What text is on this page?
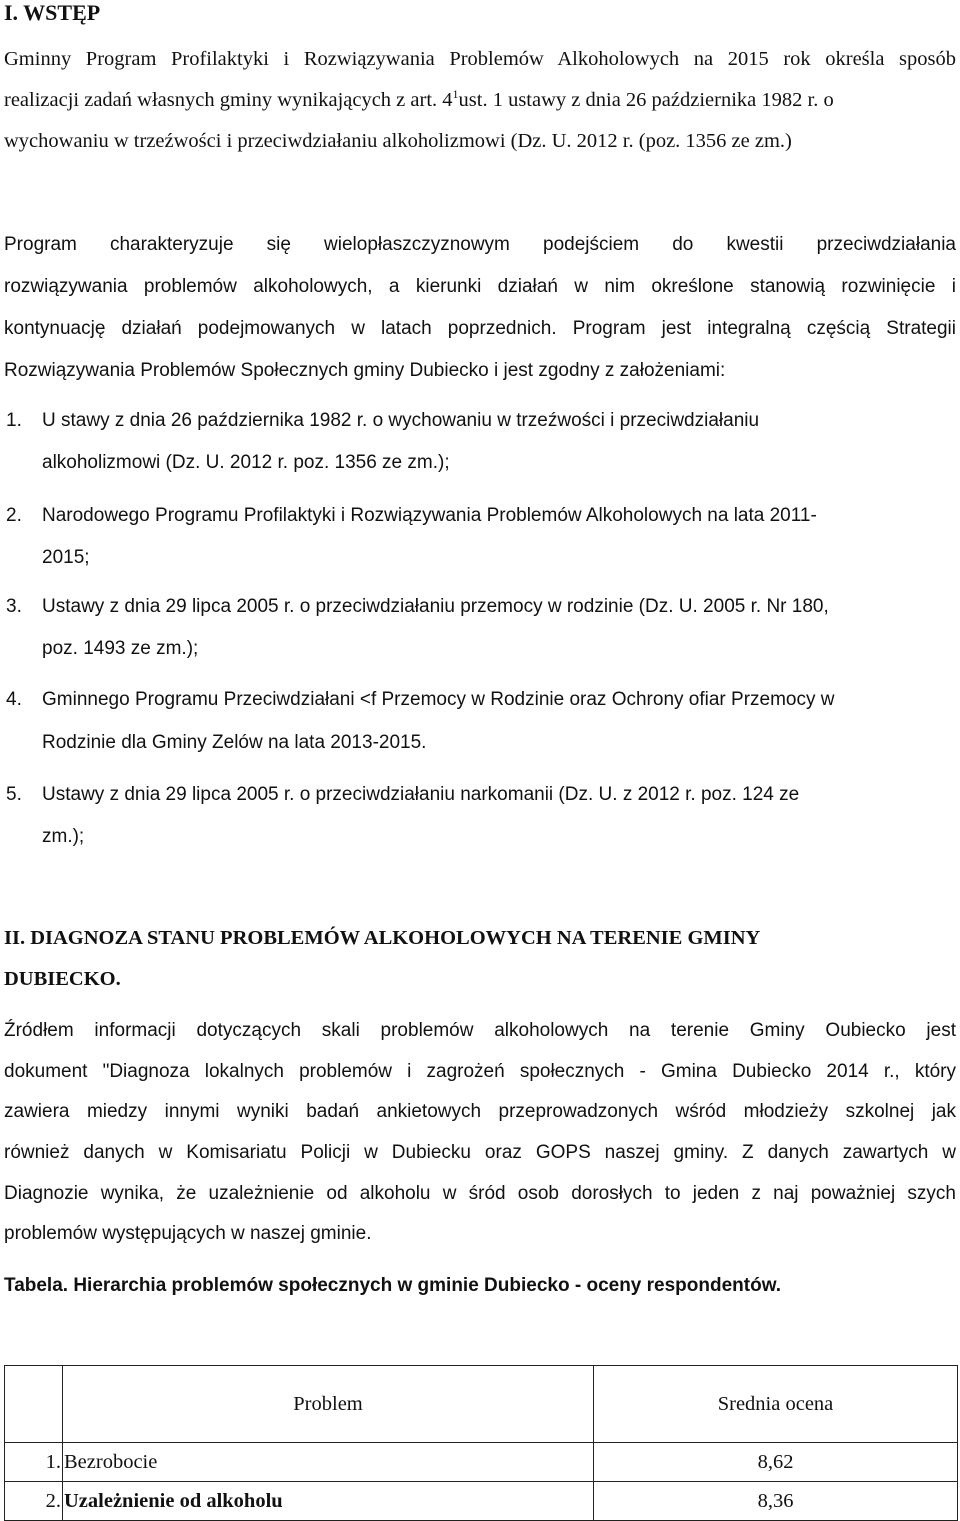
I. WSTĘP
Gminny Program Profilaktyki i Rozwiązywania Problemów Alkoholowych na 2015 rok określa sposób
realizacji zadań własnych gminy wynikających z art. $4^1ust$. 1 ustawy z dnia 26 października 1982 r. o
wychowaniu w trzeźwości i przeciwdziałaniu alkoholizmowi (Dz. U. 2012 r. (poz. 1356 ze zm.)
Program charakteryzuje się wielopłaszczyznowym podejściem do kwestii przeciwdziałania
rozwiązywania problemów alkoholowych, a kierunki działań w nim określone stanowią rozwinięcie i
kontynuację działań podejmowanych w latach poprzednich. Program jest integralną częścią Strategii
Rozwiązywania Problemów Społecznych gminy Dubiecko i jest zgodny z założeniami:
1. U stawy z dnia 26 października 1982 r. o wychowaniu w trzeźwości i przeciwdziałaniu
alkoholizmowi (Dz. U. 2012 r. poz. 1356 ze zm.);
2. Narodowego Programu Profilaktyki i Rozwiązywania Problemów Alkoholowych na lata 2011-
2015;
3. Ustawy z dnia 29 lipca 2005 r. o przeciwdziałaniu przemocy w rodzinie (Dz. U. 2005 r. Nr 180,
poz. 1493 ze zm.);
4. Gminnego Programu Przeciwdziałani <f Przemocy w Rodzinie oraz Ochrony ofiar Przemocy w
Rodzinie dla Gminy Zelów na lata 2013-2015.
5. Ustawy z dnia 29 lipca 2005 r. o przeciwdziałaniu narkomanii (Dz. U. z 2012 r. poz. 124 ze
zm.);
II. DIAGNOZA STANU PROBLEMÓW ALKOHOLOWYCH NA TERENIE GMINY
DUBIECKO.
Źródłem informacji dotyczących skali problemów alkoholowych na terenie Gminy Oubiecko jest
dokument "Diagnoza lokalnych problemów i zagrożeń społecznych - Gmina Dubiecko 2014 r., który
zawiera miedzy innymi wyniki badań ankietowych przeprowadzonych wśród młodzieży szkolnej jak
również danych w Komisariatu Policji w Dubiecku oraz GOPS naszej gminy. Z danych zawartych w
Diagnozie wynika, że uzależnienie od alkoholu w śród osob dorosłych to jeden z naj poważniej szych
problemów występujących w naszej gminie.
Tabela. Hierarchia problemów społecznych w gminie Dubiecko - oceny respondentów.
	Problem	Srednia ocena
1.	Bezrobocie	8,62
2.	Uzależnienie od alkoholu	8,36
